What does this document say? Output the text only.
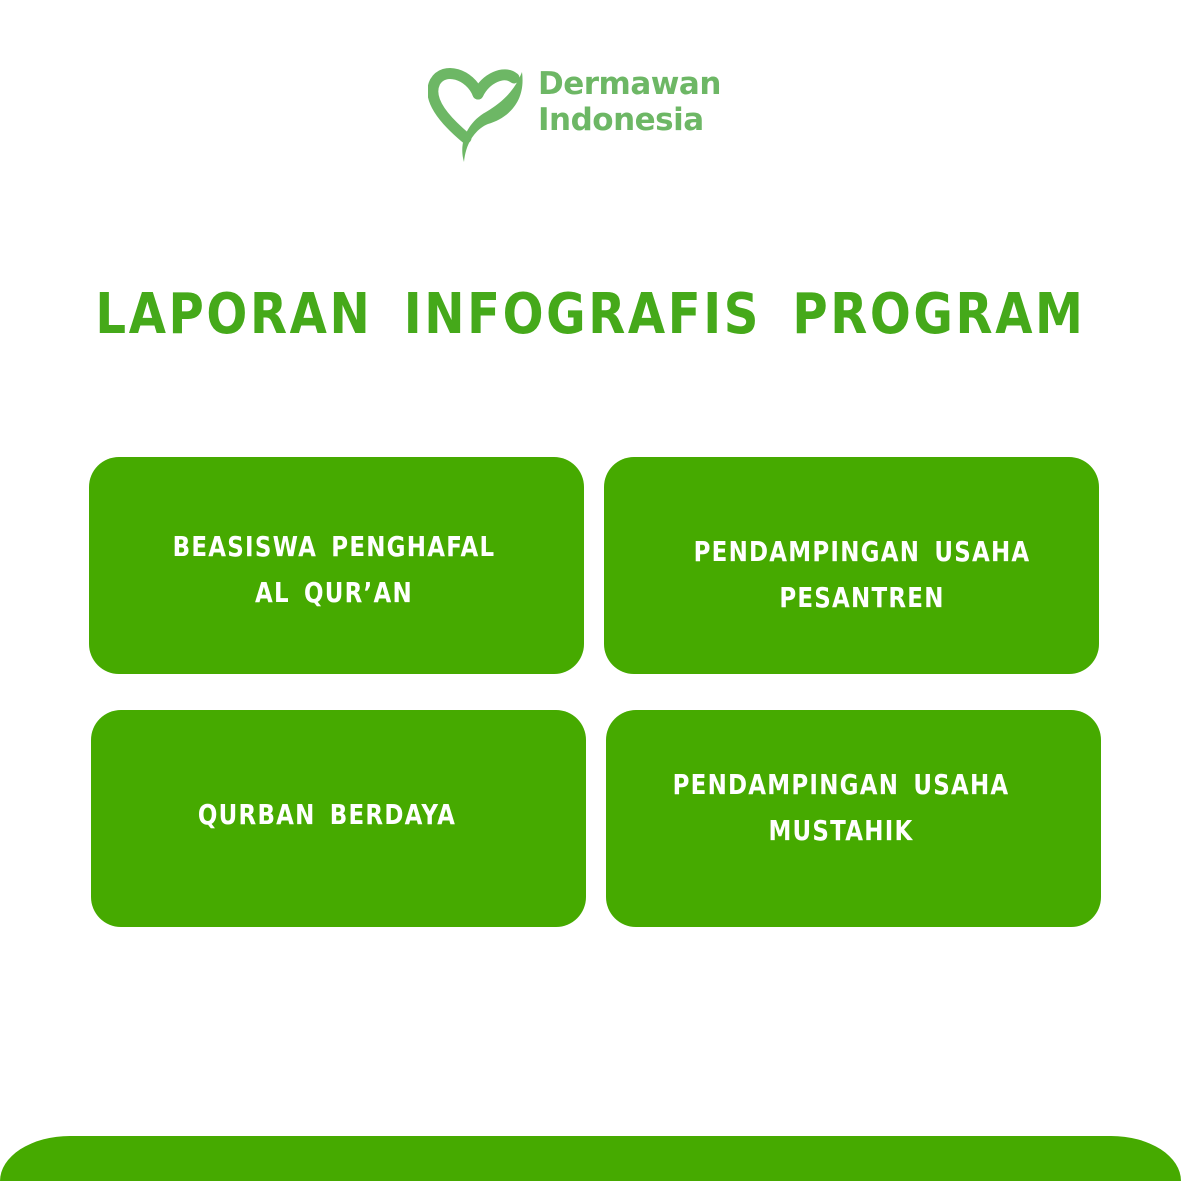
Dermawan
Indonesia
LAPORAN INFOGRAFIS PROGRAM
BEASISWA PENGHAFAL
AL QUR’AN
PENDAMPINGAN USAHA
PESANTREN
QURBAN BERDAYA
PENDAMPINGAN USAHA
MUSTAHIK
